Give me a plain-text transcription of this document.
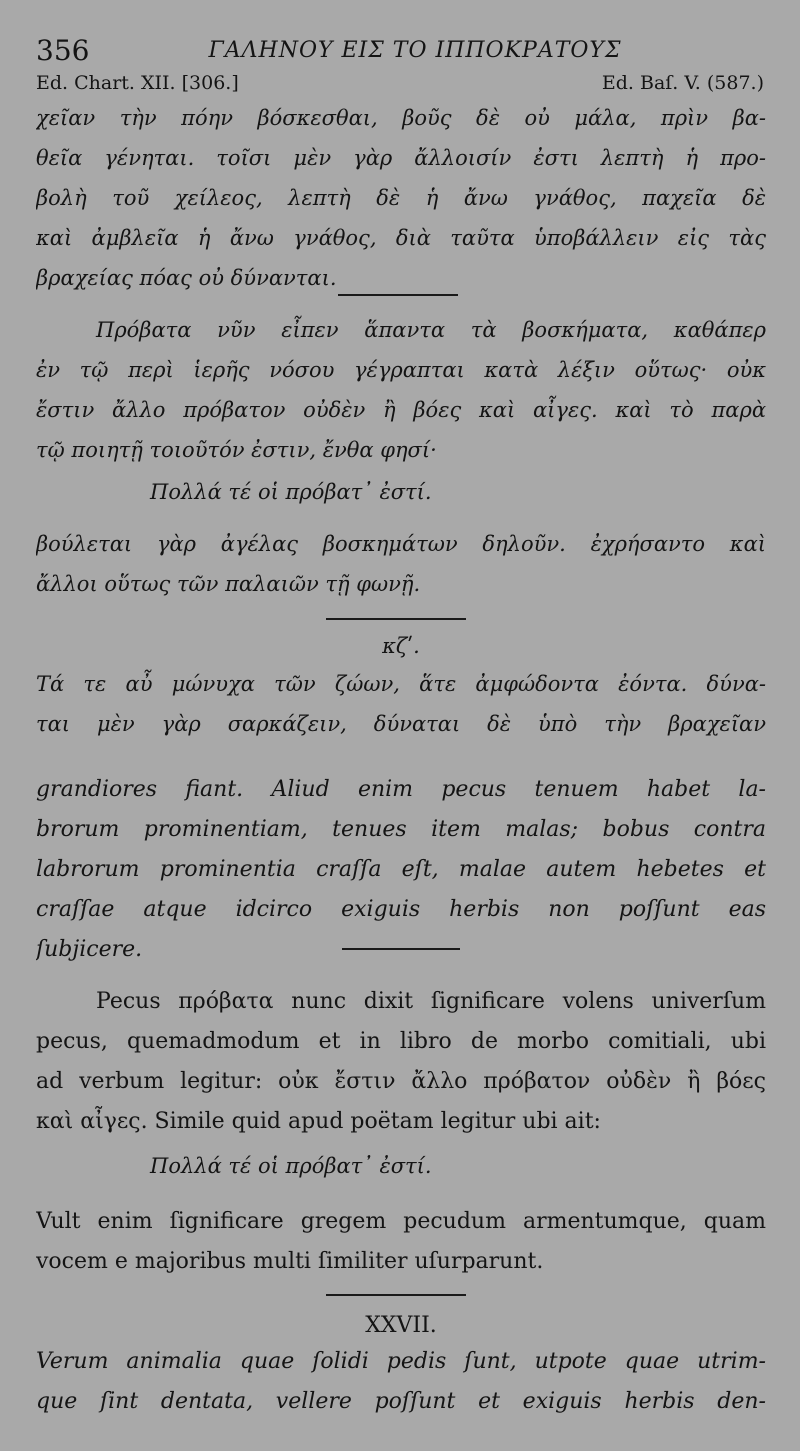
356	ΓΑΛΗΝΟΥ ΕΙΣ ΤΟ ΙΠΠΟΚΡΑΤΟΥΣ
Ed. Chart. XII. [306.]	Ed. Baſ. V. (587.)
χεῖαν τὴν πόην βόσκεσθαι, βοῦς δὲ οὐ μάλα, πρὶν βα-
θεῖα γένηται. τοῖσι μὲν γὰρ ἄλλοισίν ἐστι λεπτὴ ἡ προ-
βολὴ τοῦ χείλεος, λεπτὴ δὲ ἡ ἄνω γνάθος, παχεῖα δὲ
καὶ ἀμβλεῖα ἡ ἄνω γνάθος, διὰ ταῦτα ὑποβάλλειν εἰς τὰς
βραχείας πόας οὐ δύνανται.
Πρόβατα νῦν εἶπεν ἅπαντα τὰ βοσκήματα, καθάπερ
ἐν τῷ περὶ ἱερῆς νόσου γέγραπται κατὰ λέξιν οὕτως· οὐκ
ἔστιν ἄλλο πρόβατον οὐδὲν ἢ βόες καὶ αἶγες. καὶ τὸ παρὰ
τῷ ποιητῇ τοιοῦτόν ἐστιν, ἔνθα φησί·
Πολλά τέ οἱ πρόβατ᾽ ἐστί.
βούλεται γὰρ ἀγέλας βοσκημάτων δηλοῦν. ἐχρήσαντο καὶ
ἄλλοι οὕτως τῶν παλαιῶν τῇ φωνῇ.
κζʹ.
Τά τε αὖ μώνυχα τῶν ζώων, ἅτε ἀμφώδοντα ἐόντα. δύνα-
ται μὲν γὰρ σαρκάζειν, δύναται δὲ ὑπὸ τὴν βραχεῖαν
grandiores fiant. Aliud enim pecus tenuem habet la-
brorum prominentiam, tenues item malas; bobus contra
labrorum prominentia craſſa eſt, malae autem hebetes et
craſſae atque idcirco exiguis herbis non poſſunt eas
ſubjicere.
Pecus πρόβατα nunc dixit ſignificare volens univerſum
pecus, quemadmodum et in libro de morbo comitiali, ubi
ad verbum legitur: οὐκ ἔστιν ἄλλο πρόβατον οὐδὲν ἢ βόες
καὶ αἶγες. Simile quid apud poëtam legitur ubi ait:
Πολλά τέ οἱ πρόβατ᾽ ἐστί.
Vult enim ſignificare gregem pecudum armentumque, quam
vocem e majoribus multi ſimiliter uſurparunt.
XXVII.
Verum animalia quae ſolidi pedis ſunt, utpote quae utrim-
que ſint dentata, vellere poſſunt et exiguis herbis den-
